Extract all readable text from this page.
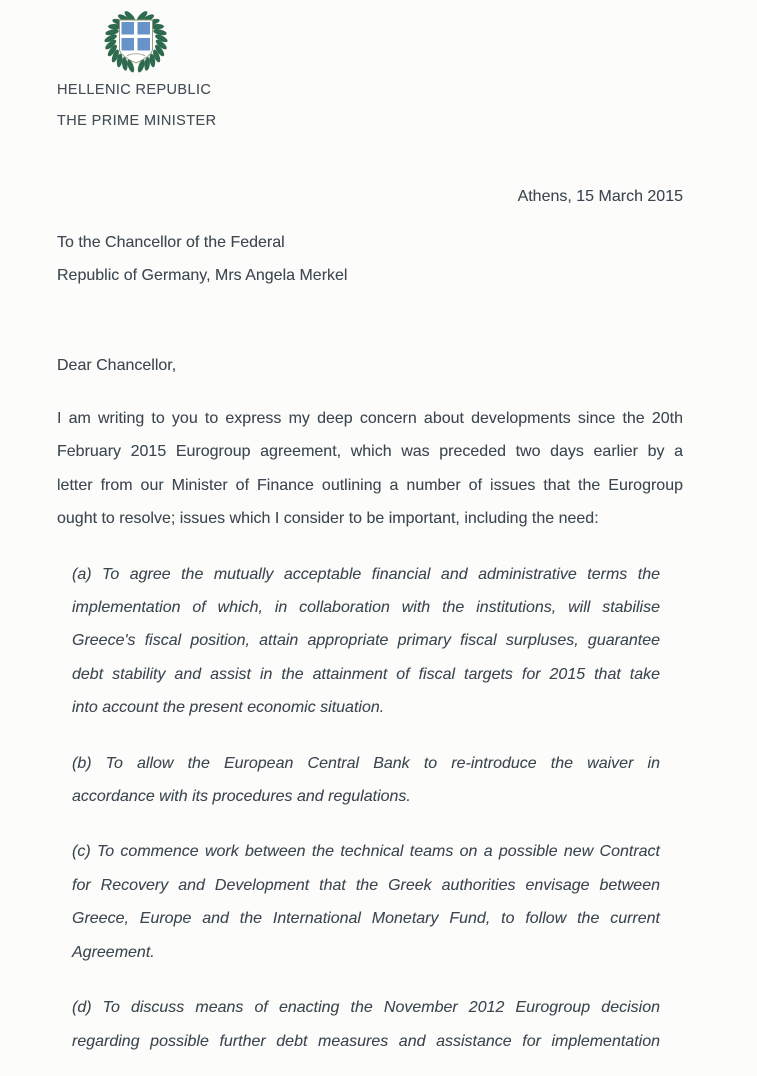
HELLENIC REPUBLIC
THE PRIME MINISTER
Athens, 15 March 2015
To the Chancellor of the Federal
Republic of Germany, Mrs Angela Merkel
Dear Chancellor,
I am writing to you to express my deep concern about developments since the 20th
February 2015 Eurogroup agreement, which was preceded two days earlier by a
letter from our Minister of Finance outlining a number of issues that the Eurogroup
ought to resolve; issues which I consider to be important, including the need:
(a) To agree the mutually acceptable financial and administrative terms the
implementation of which, in collaboration with the institutions, will stabilise
Greece's fiscal position, attain appropriate primary fiscal surpluses, guarantee
debt stability and assist in the attainment of fiscal targets for 2015 that take
into account the present economic situation.
(b) To allow the European Central Bank to re-introduce the waiver in
accordance with its procedures and regulations.
(c) To commence work between the technical teams on a possible new Contract
for Recovery and Development that the Greek authorities envisage between
Greece, Europe and the International Monetary Fund, to follow the current
Agreement.
(d) To discuss means of enacting the November 2012 Eurogroup decision
regarding possible further debt measures and assistance for implementation
